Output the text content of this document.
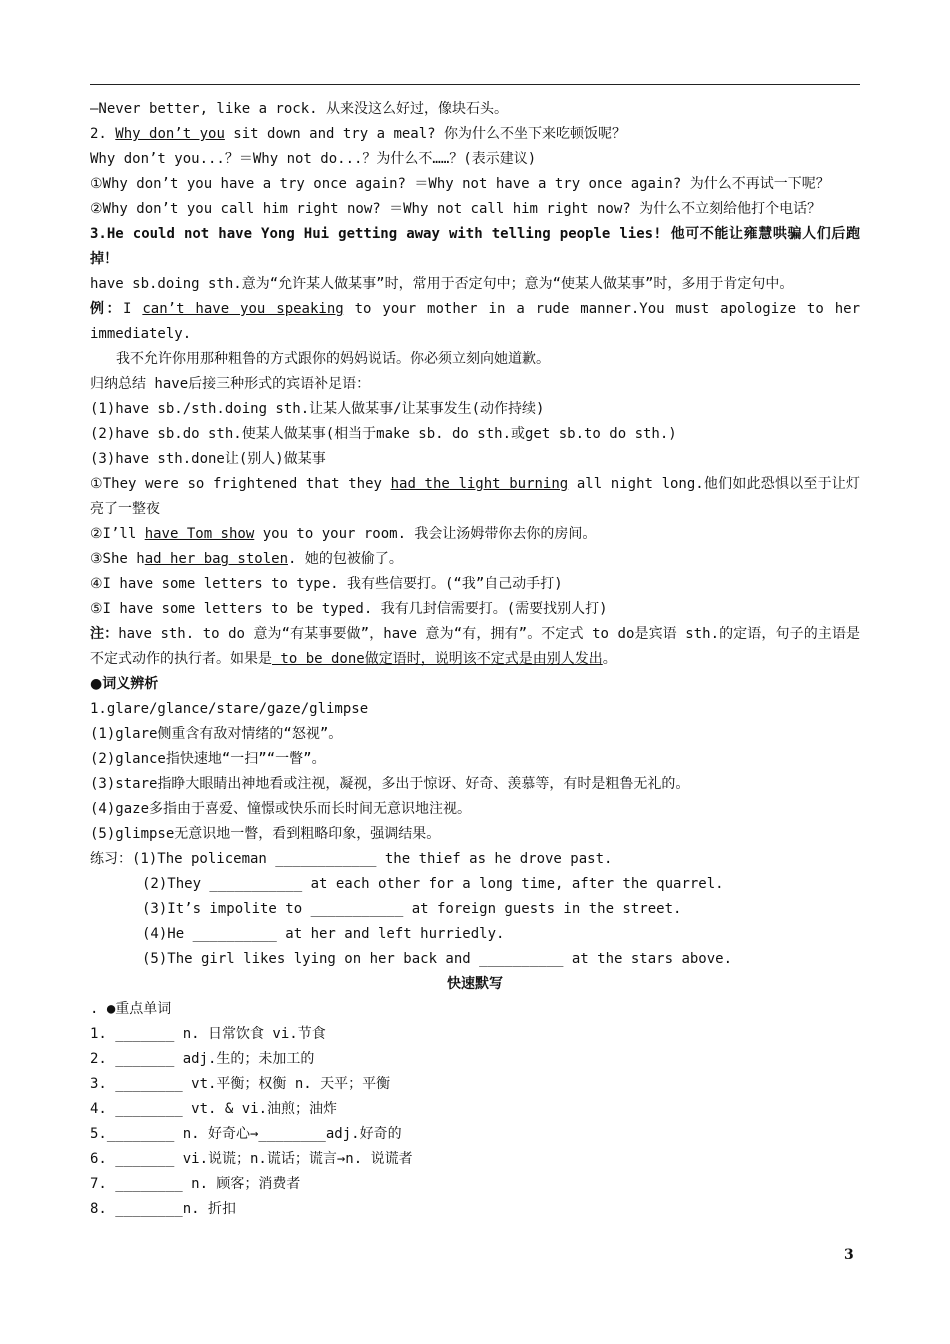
—Never better, like a rock. 从来没这么好过，像块石头。
2. Why don’t you sit down and try a meal? 你为什么不坐下来吃顿饭呢？
Why don’t you...？＝Why not do...？为什么不……？(表示建议)
①Why don’t you have a try once again? ＝Why not have a try once again? 为什么不再试一下呢？
②Why don’t you call him right now? ＝Why not call him right now? 为什么不立刻给他打个电话？
3.He could not have Yong Hui getting away with telling people lies! 他可不能让雍慧哄骗人们后跑掉！
have sb.doing sth.意为“允许某人做某事”时，常用于否定句中；意为“使某人做某事”时，多用于肯定句中。
例：I can’t have you speaking to your mother in a rude manner.You must apologize to her immediately.
我不允许你用那种粗鲁的方式跟你的妈妈说话。你必须立刻向她道歉。
归纳总结 have后接三种形式的宾语补足语：
(1)have sb./sth.doing sth.让某人做某事/让某事发生(动作持续)
(2)have sb.do sth.使某人做某事(相当于make sb. do sth.或get sb.to do sth.)
(3)have sth.done让(别人)做某事
①They were so frightened that they had the light burning all night long.他们如此恐惧以至于让灯亮了一整夜
②I’ll have Tom show you to your room. 我会让汤姆带你去你的房间。
③She had her bag stolen. 她的包被偷了。
④I have some letters to type. 我有些信要打。(“我”自己动手打)
⑤I have some letters to be typed. 我有几封信需要打。(需要找别人打)
注：have sth. to do 意为“有某事要做”，have 意为“有，拥有”。不定式 to do是宾语 sth.的定语，句子的主语是不定式动作的执行者。如果是 to be done做定语时，说明该不定式是由别人发出。
●词义辨析
1.glare/glance/stare/gaze/glimpse
(1)glare侧重含有敌对情绪的“怒视”。
(2)glance指快速地“一扫”“一瞥”。
(3)stare指睁大眼睛出神地看或注视，凝视，多出于惊讶、好奇、羡慕等，有时是粗鲁无礼的。
(4)gaze多指由于喜爱、憧憬或快乐而长时间无意识地注视。
(5)glimpse无意识地一瞥，看到粗略印象，强调结果。
练习：(1)The policeman ____________ the thief as he drove past.
(2)They ___________ at each other for a long time, after the quarrel.
(3)It’s impolite to ___________ at foreign guests in the street.
(4)He __________ at her and left hurriedly.
(5)The girl likes lying on her back and __________ at the stars above.
快速默写
. ●重点单词
1. _______ n. 日常饮食 vi.节食
2. _______ adj.生的；未加工的
3. ________ vt.平衡；权衡 n. 天平；平衡
4. ________ vt. & vi.油煎；油炸
5.________ n. 好奇心→________adj.好奇的
6. _______ vi.说谎；n.谎话；谎言→n. 说谎者
7. ________ n. 顾客；消费者
8. ________n. 折扣
3
